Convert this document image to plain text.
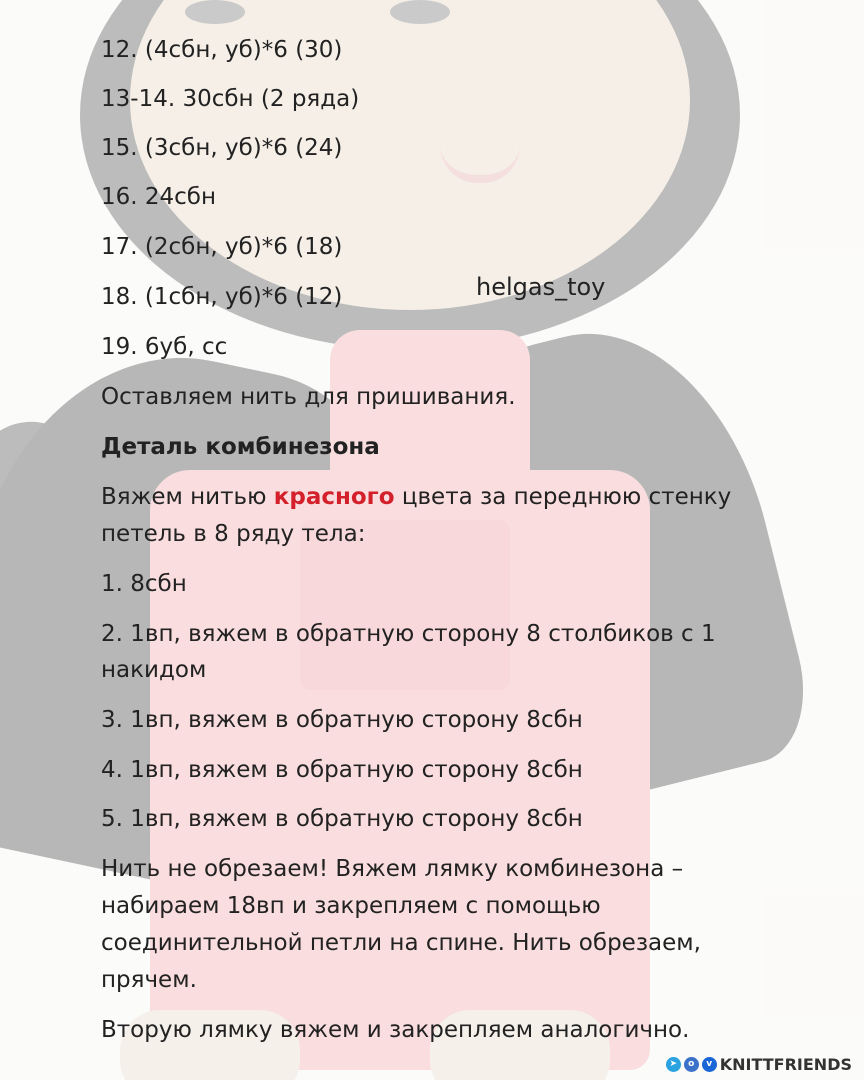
12. (4сбн, уб)*6 (30)

13-14. 30сбн (2 ряда)

15. (3сбн, уб)*6 (24)

16. 24сбн

17. (2сбн, уб)*6 (18)

18. (1сбн, уб)*6 (12)

19. 6уб, сс

Оставляем нить для пришивания.

helgas_toy

Деталь комбинезона

Вяжем нитью красного цвета за переднюю стенку

петель в 8 ряду тела:

1. 8сбн

2. 1вп, вяжем в обратную сторону 8 столбиков с 1

накидом

3. 1вп, вяжем в обратную сторону 8сбн

4. 1вп, вяжем в обратную сторону 8сбн

5. 1вп, вяжем в обратную сторону 8сбн

Нить не обрезаем! Вяжем лямку комбинезона –

набираем 18вп и закрепляем с помощью

соединительной петли на спине. Нить обрезаем,

прячем.

Вторую лямку вяжем и закрепляем аналогично.

➤	o	v KNITTFRIENDS
